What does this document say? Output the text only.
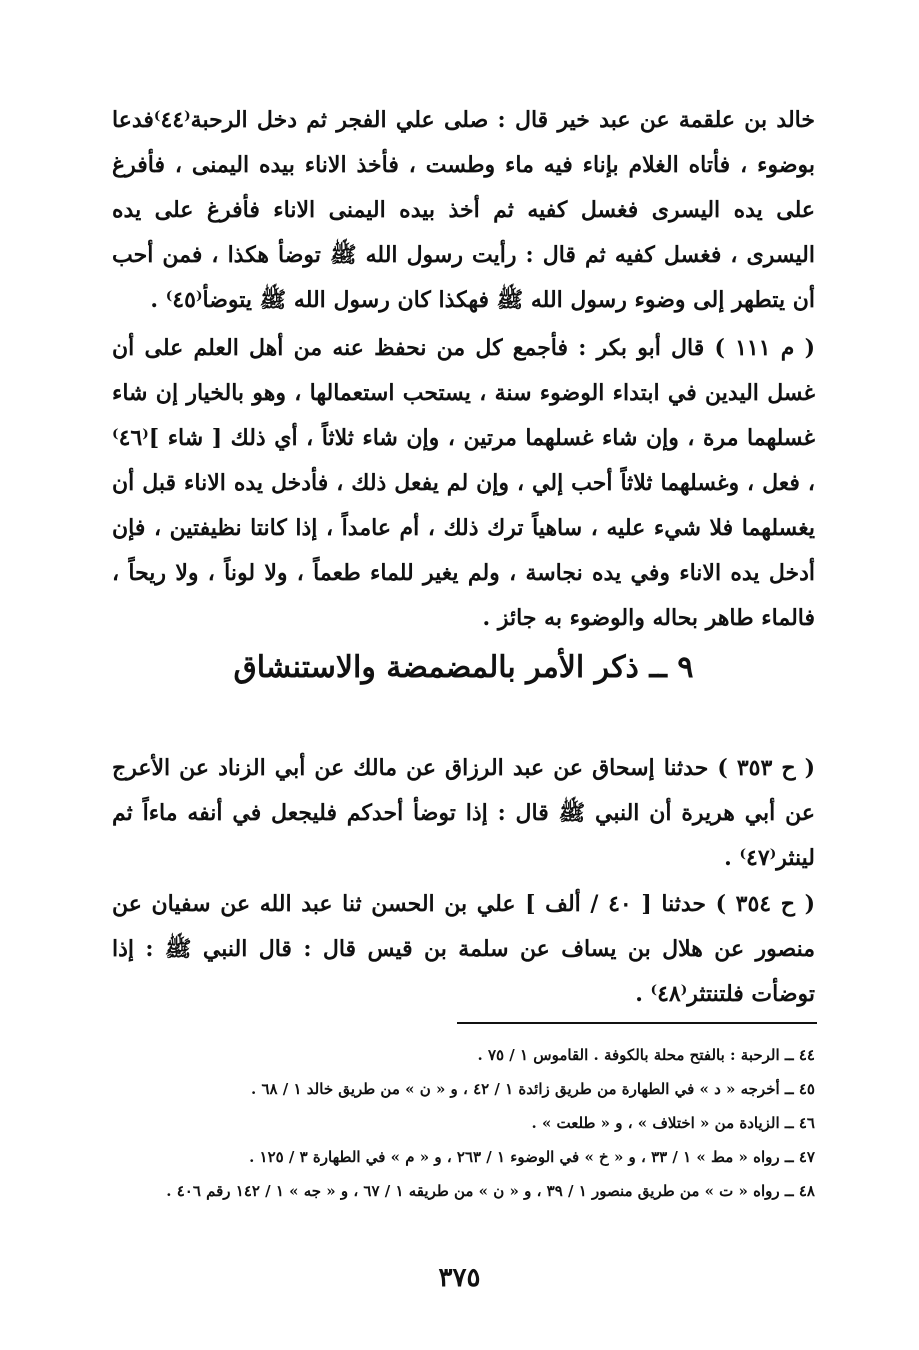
خالد بن علقمة عن عبد خير قال : صلى علي الفجر ثم دخل الرحبة⁽٤٤⁾فدعا بوضوء ، فأتاه الغلام بإناء فيه ماء وطست ، فأخذ الاناء بيده اليمنى ، فأفرغ على يده اليسرى فغسل كفيه ثم أخذ بيده اليمنى الاناء فأفرغ على يده اليسرى ، فغسل كفيه ثم قال : رأيت رسول الله ﷺ توضأ هكذا ، فمن أحب أن يتطهر إلى وضوء رسول الله ﷺ فهكذا كان رسول الله ﷺ يتوضأ⁽٤٥⁾ .

( م ١١١ ) قال أبو بكر : فأجمع كل من نحفظ عنه من أهل العلم على أن غسل اليدين في ابتداء الوضوء سنة ، يستحب استعمالها ، وهو بالخيار إن شاء غسلهما مرة ، وإن شاء غسلهما مرتين ، وإن شاء ثلاثاً ، أي ذلك [ شاء ]⁽٤٦⁾ ، فعل ، وغسلهما ثلاثاً أحب إلي ، وإن لم يفعل ذلك ، فأدخل يده الاناء قبل أن يغسلهما فلا شيء عليه ، ساهياً ترك ذلك ، أم عامداً ، إذا كانتا نظيفتين ، فإن أدخل يده الاناء وفي يده نجاسة ، ولم يغير للماء طعماً ، ولا لوناً ، ولا ريحاً ، فالماء طاهر بحاله والوضوء به جائز .

٩ ــ ذكر الأمر بالمضمضة والاستنشاق

( ح ٣٥٣ ) حدثنا إسحاق عن عبد الرزاق عن مالك عن أبي الزناد عن الأعرج عن أبي هريرة أن النبي ﷺ قال : إذا توضأ أحدكم فليجعل في أنفه ماءاً ثم لينثر⁽٤٧⁾ .

( ح ٣٥٤ ) حدثنا [ ٤٠ / ألف ] علي بن الحسن ثنا عبد الله عن سفيان عن منصور عن هلال بن يساف عن سلمة بن قيس قال : قال النبي ﷺ : إذا توضأت فلتنتثر⁽٤٨⁾ .

٤٤ ــ الرحبة : بالفتح محلة بالكوفة . القاموس ١ / ٧٥ .

٤٥ ــ أخرجه « د » في الطهارة من طريق زائدة ١ / ٤٢ ، و « ن » من طريق خالد ١ / ٦٨ .

٤٦ ــ الزيادة من « اختلاف » ، و « طلعت » .

٤٧ ــ رواه « مط » ١ / ٣٣ ، و « خ » في الوضوء ١ / ٢٦٣ ، و « م » في الطهارة ٣ / ١٢٥ .

٤٨ ــ رواه « ت » من طريق منصور ١ / ٣٩ ، و « ن » من طريقه ١ / ٦٧ ، و « جه » ١ / ١٤٢ رقم ٤٠٦ .

٣٧٥
